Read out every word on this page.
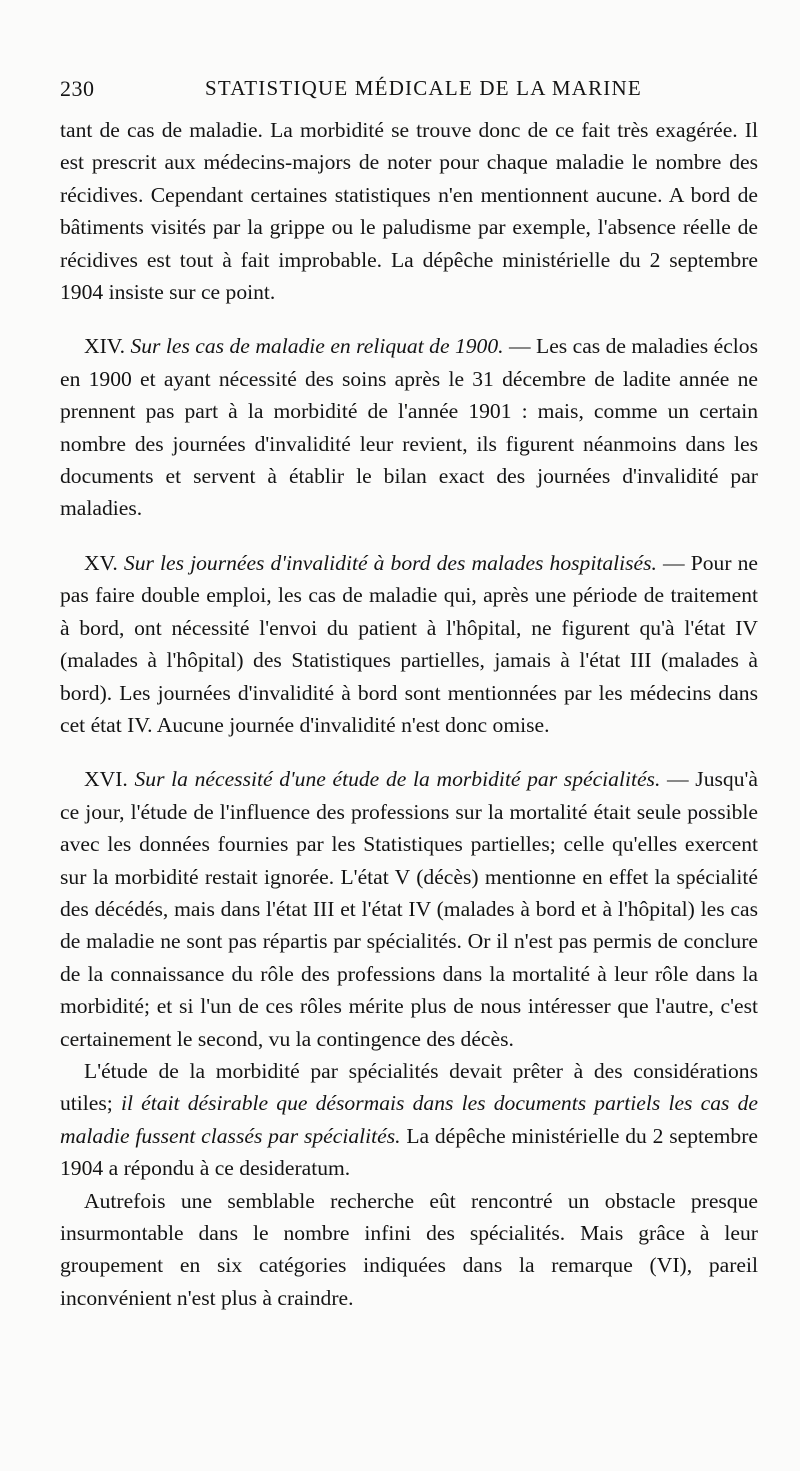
230	STATISTIQUE MÉDICALE DE LA MARINE

tant de cas de maladie. La morbidité se trouve donc de ce fait très exagérée. Il est prescrit aux médecins-majors de noter pour chaque maladie le nombre des récidives. Cependant certaines statistiques n'en mentionnent aucune. A bord de bâtiments visités par la grippe ou le paludisme par exemple, l'absence réelle de récidives est tout à fait improbable. La dépêche ministérielle du 2 septembre 1904 insiste sur ce point.

XIV. Sur les cas de maladie en reliquat de 1900. — Les cas de maladies éclos en 1900 et ayant nécessité des soins après le 31 décembre de ladite année ne prennent pas part à la morbidité de l'année 1901 : mais, comme un certain nombre des journées d'invalidité leur revient, ils figurent néanmoins dans les documents et servent à établir le bilan exact des journées d'invalidité par maladies.

XV. Sur les journées d'invalidité à bord des malades hospitalisés. — Pour ne pas faire double emploi, les cas de maladie qui, après une période de traitement à bord, ont nécessité l'envoi du patient à l'hôpital, ne figurent qu'à l'état IV (malades à l'hôpital) des Statistiques partielles, jamais à l'état III (malades à bord). Les journées d'invalidité à bord sont mentionnées par les médecins dans cet état IV. Aucune journée d'invalidité n'est donc omise.

XVI. Sur la nécessité d'une étude de la morbidité par spécialités. — Jusqu'à ce jour, l'étude de l'influence des professions sur la mortalité était seule possible avec les données fournies par les Statistiques partielles; celle qu'elles exercent sur la morbidité restait ignorée. L'état V (décès) mentionne en effet la spécialité des décédés, mais dans l'état III et l'état IV (malades à bord et à l'hôpital) les cas de maladie ne sont pas répartis par spécialités. Or il n'est pas permis de conclure de la connaissance du rôle des professions dans la mortalité à leur rôle dans la morbidité; et si l'un de ces rôles mérite plus de nous intéresser que l'autre, c'est certainement le second, vu la contingence des décès.

L'étude de la morbidité par spécialités devait prêter à des considérations utiles; il était désirable que désormais dans les documents partiels les cas de maladie fussent classés par spécialités. La dépêche ministérielle du 2 septembre 1904 a répondu à ce desideratum.

Autrefois une semblable recherche eût rencontré un obstacle presque insurmontable dans le nombre infini des spécialités. Mais grâce à leur groupement en six catégories indiquées dans la remarque (VI), pareil inconvénient n'est plus à craindre.
